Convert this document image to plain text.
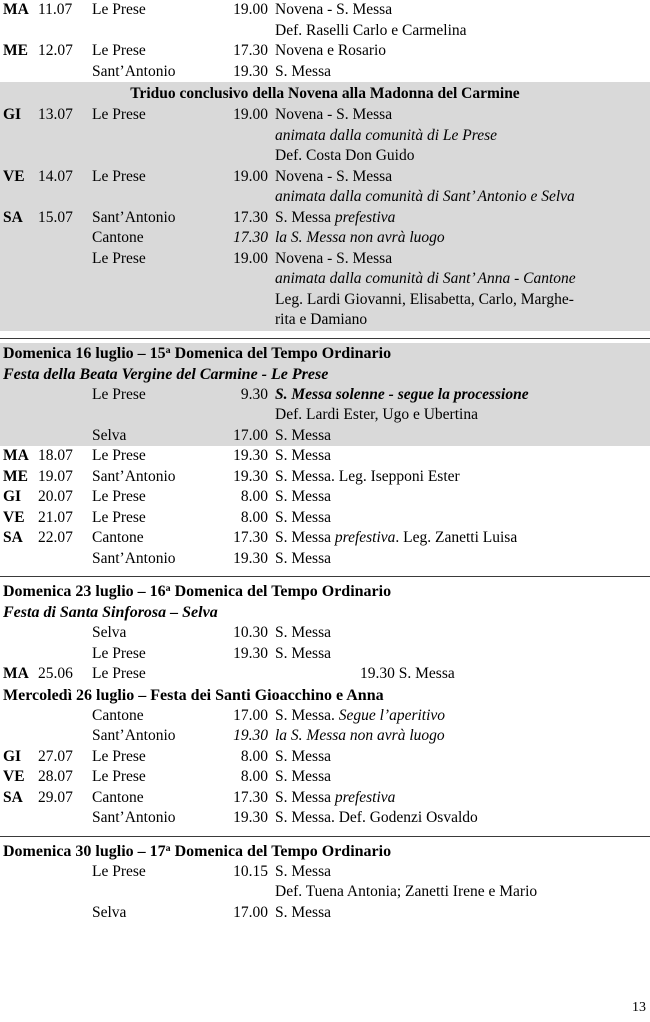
MA 11.07	Le Prese	19.00 Novena - S. Messa
Def. Raselli Carlo e Carmelina
ME 12.07	Le Prese	17.30 Novena e Rosario
Sant’Antonio	19.30 S. Messa
Triduo conclusivo della Novena alla Madonna del Carmine
GI	13.07	Le Prese	19.00 Novena - S. Messa
animata dalla comunità di Le Prese
Def. Costa Don Guido
VE 14.07	Le Prese	19.00 Novena - S. Messa
animata dalla comunità di Sant’ Antonio e Selva
SA 15.07	Sant’Antonio	17.30 S. Messa prefestiva
Cantone	17.30 la S. Messa non avrà luogo
Le Prese	19.00 Novena - S. Messa
animata dalla comunità di Sant’ Anna - Cantone
Leg. Lardi Giovanni, Elisabetta, Carlo, Marghe-
rita e Damiano
Domenica 16 luglio – 15$^a$ Domenica del Tempo Ordinario
Festa della Beata Vergine del Carmine - Le Prese
Le Prese	9.30 S. Messa solenne - segue la processione
Def. Lardi Ester, Ugo e Ubertina
Selva	17.00 S. Messa
MA 18.07	Le Prese	19.30 S. Messa
ME 19.07	Sant’Antonio	19.30 S. Messa. Leg. Isepponi Ester
GI	20.07	Le Prese	8.00 S. Messa
VE 21.07	Le Prese	8.00 S. Messa
SA 22.07	Cantone	17.30 S. Messa prefestiva. Leg. Zanetti Luisa
Sant’Antonio	19.30 S. Messa
Domenica 23 luglio – 16$^a$ Domenica del Tempo Ordinario
Festa di Santa Sinforosa – Selva
Selva	10.30 S. Messa
Le Prese	19.30 S. Messa
MA 25.06	Le Prese	19.30 S. Messa
Mercoledì 26 luglio – Festa dei Santi Gioacchino e Anna
Cantone	17.00 S. Messa. Segue l’aperitivo
Sant’Antonio	19.30 la S. Messa non avrà luogo
GI	27.07	Le Prese	8.00 S. Messa
VE 28.07	Le Prese	8.00 S. Messa
SA 29.07	Cantone	17.30 S. Messa prefestiva
Sant’Antonio	19.30 S. Messa. Def. Godenzi Osvaldo
Domenica 30 luglio – 17$^a$ Domenica del Tempo Ordinario
Le Prese	10.15 S. Messa
Def. Tuena Antonia; Zanetti Irene e Mario
Selva	17.00 S. Messa
13
